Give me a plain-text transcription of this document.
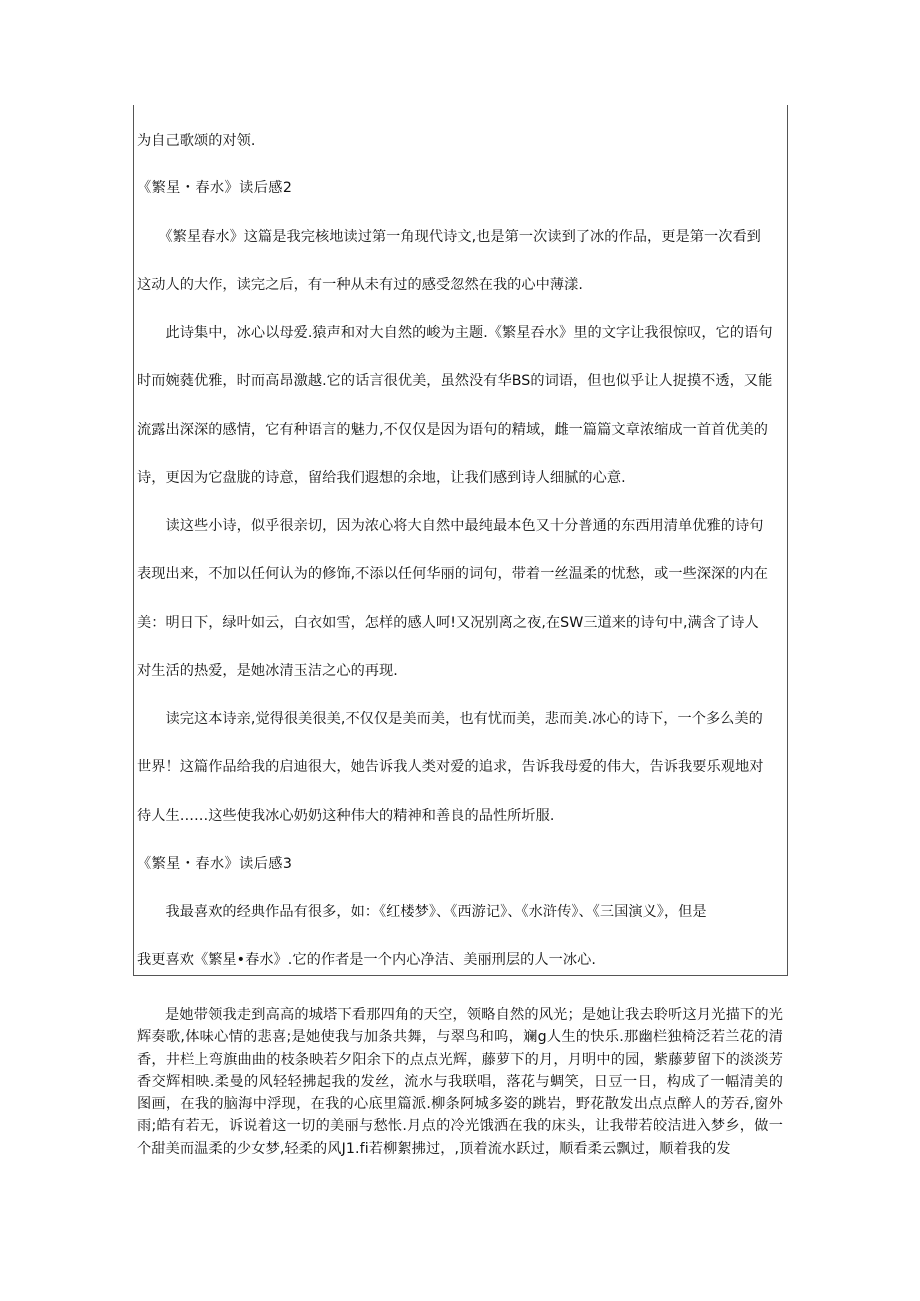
为自己歌颂的对领.
《繁星・春水》读后感2
　　《繁星春水》这篇是我完核地读过第一角现代诗文,也是第一次读到了冰的作品，更是第一次看到
这动人的大作，读完之后，有一种从未有过的感受忽然在我的心中薄漾.
　　此诗集中，冰心以母爱.猿声和对大自然的峻为主题.《繁星吞水》里的文字让我很惊叹，它的语句
时而婉蕤优雅，时而高昂激越.它的话言很优美，虽然没有华BS的词语，但也似乎让人捉摸不透，又能
流露出深深的感情，它有种语言的魅力,不仅仅是因为语句的精域，雌一篇篇文章浓缩成一首首优美的
诗，更因为它盘胧的诗意，留给我们遐想的余地，让我们感到诗人细腻的心意.
　　读这些小诗，似乎很亲切，因为浓心将大自然中最纯最本色又十分普通的东西用清单优雅的诗句
表现出来，不加以任何认为的修饰,不添以任何华丽的词句，带着一丝温柔的忧愁，或一些深深的内在
美：明日下，绿叶如云，白衣如雪，怎样的感人呵!又况别离之夜,在SW三道来的诗句中,满含了诗人
对生活的热爱，是她冰清玉洁之心的再现.
　　读完这本诗亲,觉得很美很美,不仅仅是美而美，也有忧而美，悲而美.冰心的诗下，一个多么美的
世界！这篇作品给我的启迪很大，她告诉我人类对爱的追求，告诉我母爱的伟大，告诉我要乐观地对
待人生……这些使我冰心奶奶这种伟大的精神和善良的品性所圻服.
《繁星・春水》读后感3
　　我最喜欢的经典作品有很多，如：《红楼梦》、《西游记》、《水浒传》、《三国演义》，但是
我更喜欢《繁星•春水》.它的作者是一个内心净洁、美丽刑层的人一冰心.

是她带领我走到高高的城塔下看那四角的天空，领略自然的风光；是她让我去聆听这月光描下的光辉奏歌,体味心情的悲喜;是她使我与加条共舞，与翠鸟和呜，斓g人生的快乐.那幽栏独椅泛若兰花的清香，井栏上弯旗曲曲的枝条映若夕阳余下的点点光辉，藤萝下的月，月明中的园，紫藤萝留下的淡淡芳香交辉相映.柔曼的风轻轻拂起我的发丝，流水与我联唱，落花与蜩笑，日豆一日，构成了一幅清美的图画，在我的脑海中浮现，在我的心底里篇派.柳条阿城多姿的跳岩，野花散发出点点醉人的芳吞,窗外雨;皓有若无，诉说着这一切的美丽与愁怅.月点的冷光饿洒在我的床头，让我带若皎洁进入梦乡，做一个甜美而温柔的少女梦,轻柔的风J1.fi若柳絮拂过，,顶着流水跃过，顺看柔云飘过，顺着我的发
